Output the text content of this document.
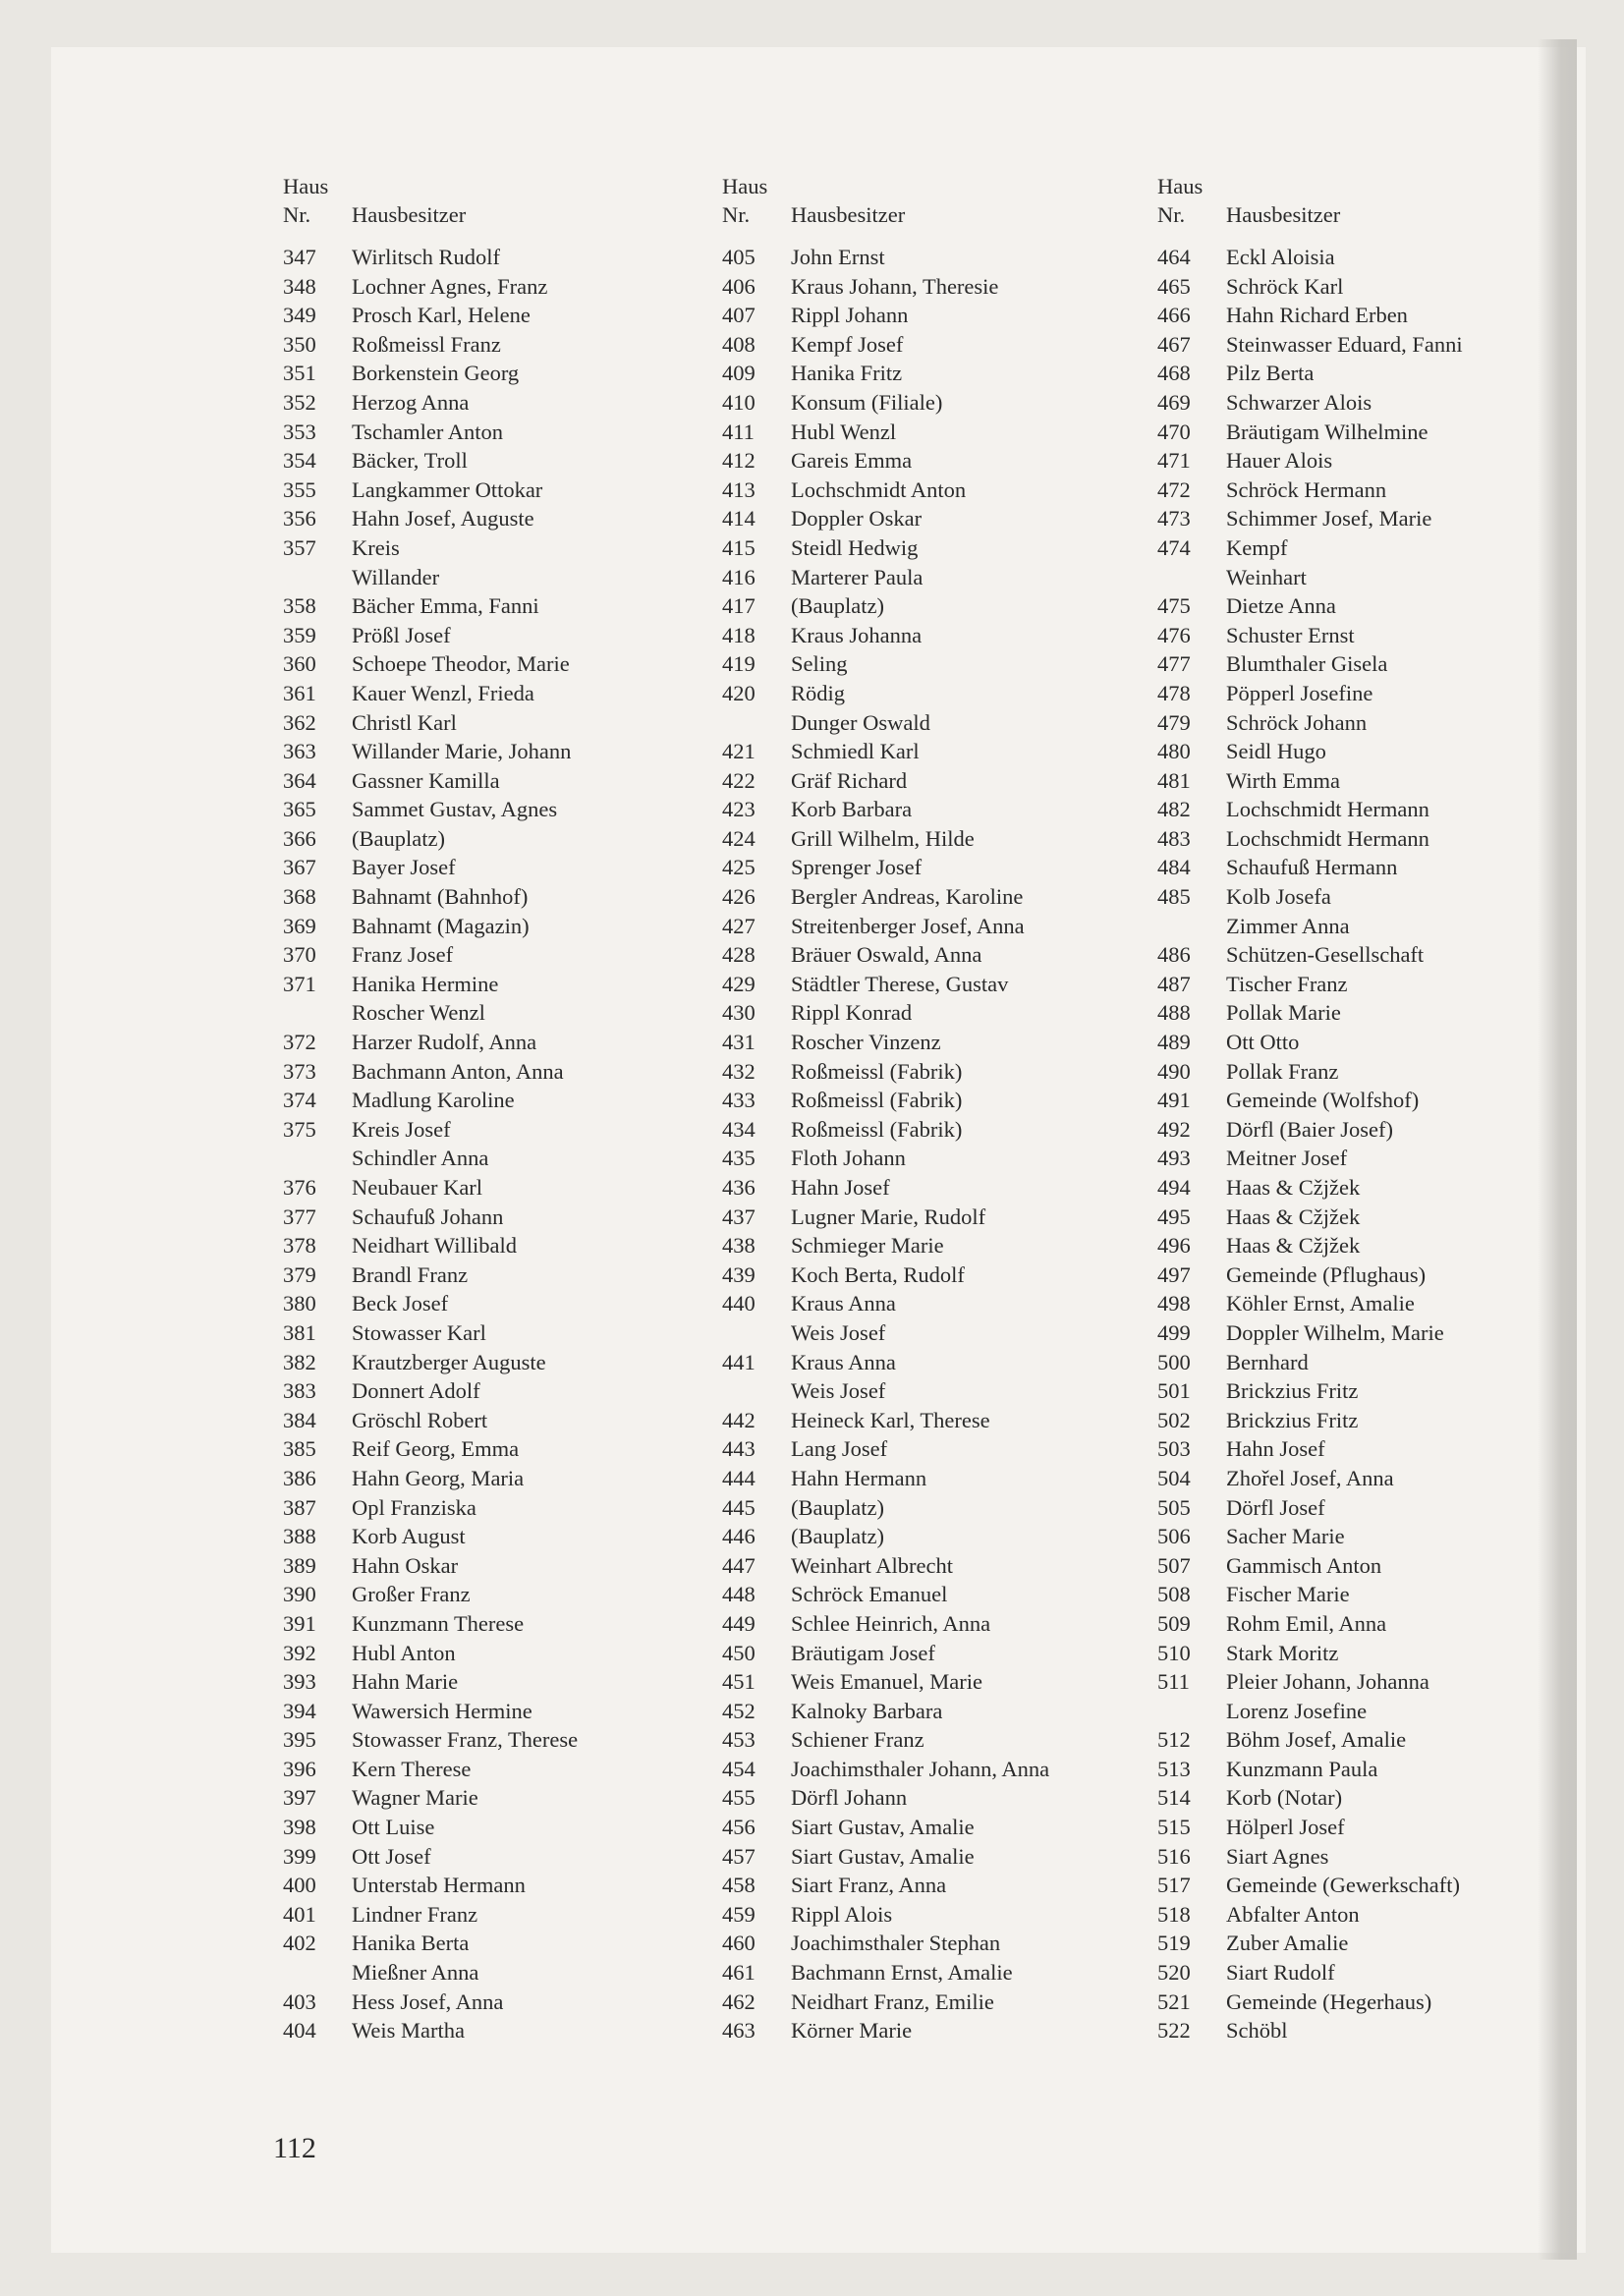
Haus
Nr. Hausbesitzer
347 Wirlitsch Rudolf
348 Lochner Agnes, Franz
349 Prosch Karl, Helene
350 Roßmeissl Franz
351 Borkenstein Georg
352 Herzog Anna
353 Tschamler Anton
354 Bäcker, Troll
355 Langkammer Ottokar
356 Hahn Josef, Auguste
357 Kreis
Willander
358 Bächer Emma, Fanni
359 Prößl Josef
360 Schoepe Theodor, Marie
361 Kauer Wenzl, Frieda
362 Christl Karl
363 Willander Marie, Johann
364 Gassner Kamilla
365 Sammet Gustav, Agnes
366 (Bauplatz)
367 Bayer Josef
368 Bahnamt (Bahnhof)
369 Bahnamt (Magazin)
370 Franz Josef
371 Hanika Hermine
Roscher Wenzl
372 Harzer Rudolf, Anna
373 Bachmann Anton, Anna
374 Madlung Karoline
375 Kreis Josef
Schindler Anna
376 Neubauer Karl
377 Schaufuß Johann
378 Neidhart Willibald
379 Brandl Franz
380 Beck Josef
381 Stowasser Karl
382 Krautzberger Auguste
383 Donnert Adolf
384 Gröschl Robert
385 Reif Georg, Emma
386 Hahn Georg, Maria
387 Opl Franziska
388 Korb August
389 Hahn Oskar
390 Großer Franz
391 Kunzmann Therese
392 Hubl Anton
393 Hahn Marie
394 Wawersich Hermine
395 Stowasser Franz, Therese
396 Kern Therese
397 Wagner Marie
398 Ott Luise
399 Ott Josef
400 Unterstab Hermann
401 Lindner Franz
402 Hanika Berta
Mießner Anna
403 Hess Josef, Anna
404 Weis Martha
Haus
Nr. Hausbesitzer
405 John Ernst
406 Kraus Johann, Theresie
407 Rippl Johann
408 Kempf Josef
409 Hanika Fritz
410 Konsum (Filiale)
411 Hubl Wenzl
412 Gareis Emma
413 Lochschmidt Anton
414 Doppler Oskar
415 Steidl Hedwig
416 Marterer Paula
417 (Bauplatz)
418 Kraus Johanna
419 Seling
420 Rödig
Dunger Oswald
421 Schmiedl Karl
422 Gräf Richard
423 Korb Barbara
424 Grill Wilhelm, Hilde
425 Sprenger Josef
426 Bergler Andreas, Karoline
427 Streitenberger Josef, Anna
428 Bräuer Oswald, Anna
429 Städtler Therese, Gustav
430 Rippl Konrad
431 Roscher Vinzenz
432 Roßmeissl (Fabrik)
433 Roßmeissl (Fabrik)
434 Roßmeissl (Fabrik)
435 Floth Johann
436 Hahn Josef
437 Lugner Marie, Rudolf
438 Schmieger Marie
439 Koch Berta, Rudolf
440 Kraus Anna
Weis Josef
441 Kraus Anna
Weis Josef
442 Heineck Karl, Therese
443 Lang Josef
444 Hahn Hermann
445 (Bauplatz)
446 (Bauplatz)
447 Weinhart Albrecht
448 Schröck Emanuel
449 Schlee Heinrich, Anna
450 Bräutigam Josef
451 Weis Emanuel, Marie
452 Kalnoky Barbara
453 Schiener Franz
454 Joachimsthaler Johann, Anna
455 Dörfl Johann
456 Siart Gustav, Amalie
457 Siart Gustav, Amalie
458 Siart Franz, Anna
459 Rippl Alois
460 Joachimsthaler Stephan
461 Bachmann Ernst, Amalie
462 Neidhart Franz, Emilie
463 Körner Marie
Haus
Nr. Hausbesitzer
464 Eckl Aloisia
465 Schröck Karl
466 Hahn Richard Erben
467 Steinwasser Eduard, Fanni
468 Pilz Berta
469 Schwarzer Alois
470 Bräutigam Wilhelmine
471 Hauer Alois
472 Schröck Hermann
473 Schimmer Josef, Marie
474 Kempf
Weinhart
475 Dietze Anna
476 Schuster Ernst
477 Blumthaler Gisela
478 Pöpperl Josefine
479 Schröck Johann
480 Seidl Hugo
481 Wirth Emma
482 Lochschmidt Hermann
483 Lochschmidt Hermann
484 Schaufuß Hermann
485 Kolb Josefa
Zimmer Anna
486 Schützen-Gesellschaft
487 Tischer Franz
488 Pollak Marie
489 Ott Otto
490 Pollak Franz
491 Gemeinde (Wolfshof)
492 Dörfl (Baier Josef)
493 Meitner Josef
494 Haas & Cžjžek
495 Haas & Cžjžek
496 Haas & Cžjžek
497 Gemeinde (Pflughaus)
498 Köhler Ernst, Amalie
499 Doppler Wilhelm, Marie
500 Bernhard
501 Brickzius Fritz
502 Brickzius Fritz
503 Hahn Josef
504 Zhořel Josef, Anna
505 Dörfl Josef
506 Sacher Marie
507 Gammisch Anton
508 Fischer Marie
509 Rohm Emil, Anna
510 Stark Moritz
511 Pleier Johann, Johanna
Lorenz Josefine
512 Böhm Josef, Amalie
513 Kunzmann Paula
514 Korb (Notar)
515 Hölperl Josef
516 Siart Agnes
517 Gemeinde (Gewerkschaft)
518 Abfalter Anton
519 Zuber Amalie
520 Siart Rudolf
521 Gemeinde (Hegerhaus)
522 Schöbl
112
